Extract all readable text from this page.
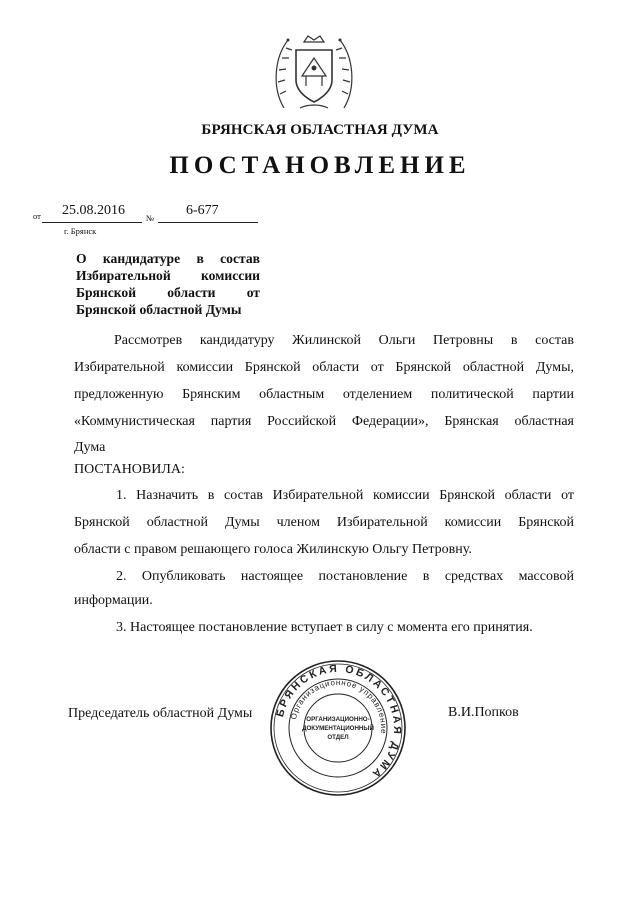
БРЯНСКАЯ ОБЛАСТНАЯ ДУМА
ПОСТАНОВЛЕНИЕ
от 25.08.2016 № 6-677
г. Брянск
О кандидатуре в состав
Избирательной комиссии
Брянской области от
Брянской областной Думы
Рассмотрев кандидатуру Жилинской Ольги Петровны в состав
Избирательной комиссии Брянской области от Брянской областной Думы,
предложенную Брянским областным отделением политической партии
«Коммунистическая партия Российской Федерации», Брянская областная
Дума
ПОСТАНОВИЛА:
1. Назначить в состав Избирательной комиссии Брянской области от
Брянской областной Думы членом Избирательной комиссии Брянской
области с правом решающего голоса Жилинскую Ольгу Петровну.
2. Опубликовать настоящее постановление в средствах массовой
информации.
3. Настоящее постановление вступает в силу с момента его принятия.
БРЯНСКАЯ ОБЛАСТНАЯ ДУМА
Организационное управление
ОРГАНИЗАЦИОННО-
ДОКУМЕНТАЦИОННЫЙ
ОТДЕЛ
Председатель областной Думы	В.И.Попков
